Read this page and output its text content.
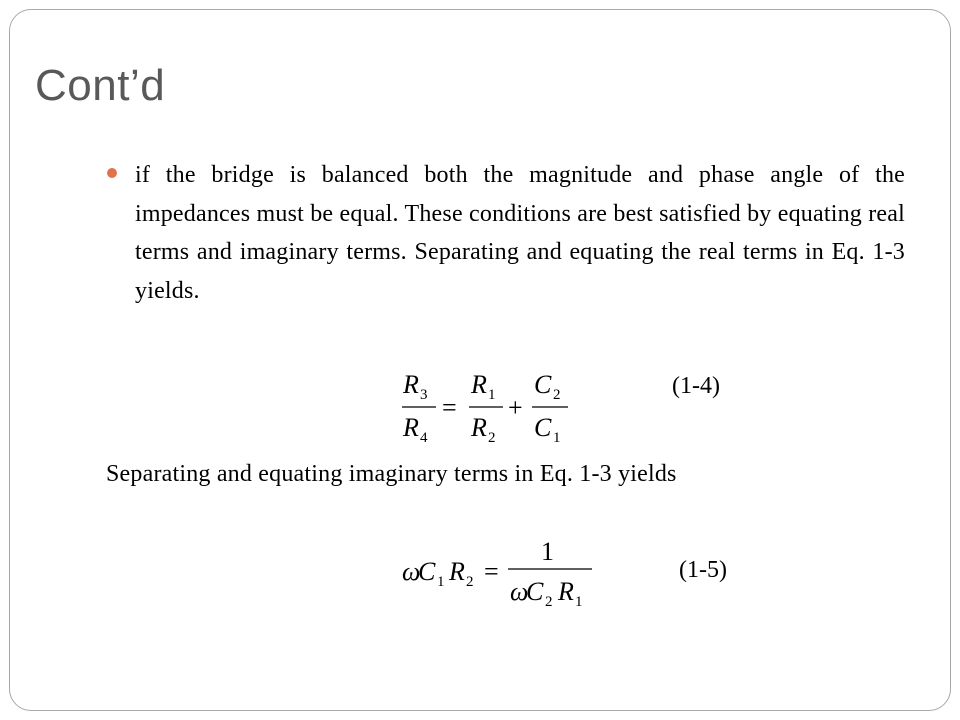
Cont’d
if the bridge is balanced both the magnitude and phase angle of the impedances must be equal. These conditions are best satisfied by equating real terms and imaginary terms. Separating and equating the real terms in Eq. 1-3 yields.
R 3
R 4
=
R 1
R 2
+
C 2
C 1
(1-4)
Separating and equating imaginary terms in Eq. 1-3 yields
ω
C 1 R 2 =
1
ω
C 2 R 1
(1-5)
